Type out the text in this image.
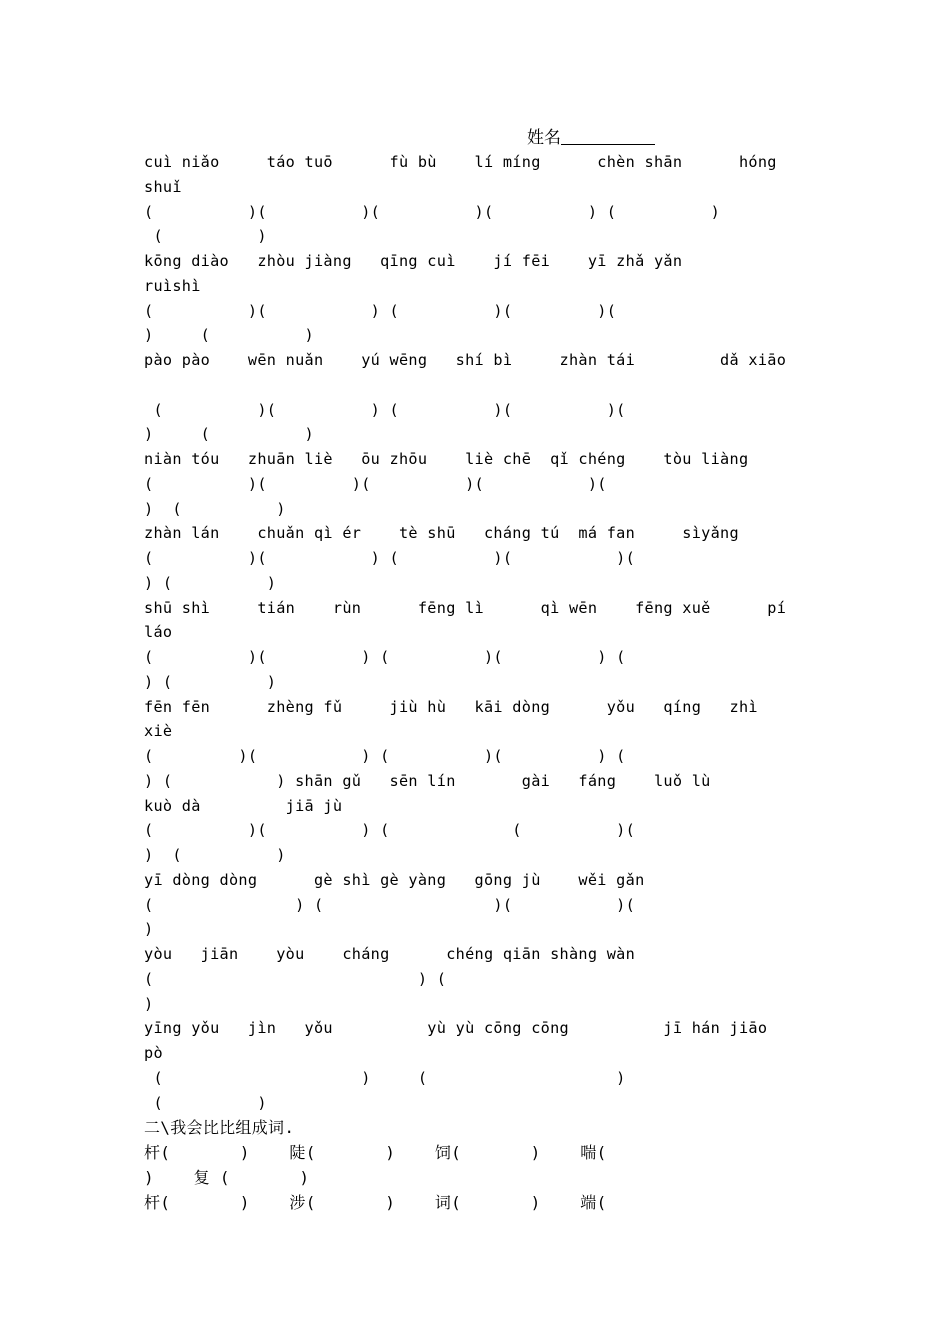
姓名
cuì niǎo     táo tuō      fù bù    lí míng      chèn shān      hóng
shuǐ
(          )(          )(          )(          ) (          )
(          )
kōng diào   zhòu jiàng   qīng cuì    jí fēi    yī zhǎ yǎn
ruìshì
(          )(           ) (          )(         )(
)     (          )
pào pào    wēn nuǎn    yú wēng   shí bì     zhàn tái         dǎ xiāo
(          )(          ) (          )(          )(
)     (          )
niàn tóu   zhuān liè   ōu zhōu    liè chē  qǐ chéng    tòu liàng
(          )(         )(          )(           )(
)  (          )
zhàn lán    chuǎn qì ér    tè shū   cháng tú  má fan     sìyǎng
(          )(           ) (          )(           )(
) (          )
shū shì     tián    rùn      fēng lì      qì wēn    fēng xuě      pí
láo
(          )(          ) (          )(          ) (
) (          )
fēn fēn      zhèng fǔ     jiù hù   kāi dòng      yǒu   qíng   zhì
xiè
(         )(           ) (          )(          ) (
) (           ) shān gǔ   sēn lín       gài   fáng    luǒ lù
kuò dà         jiā jù
(          )(          ) (             (          )(
)  (          )
yī dòng dòng      gè shì gè yàng   gōng jù    wěi gǎn
(               ) (                  )(           )(
)
yòu   jiān    yòu    cháng      chéng qiān shàng wàn
(                            ) (
)
yīng yǒu   jìn   yǒu          yù yù cōng cōng          jī hán jiāo
pò
(                     )     (                    )
(          )
二\我会比比组成词.
杆(       )    陡(       )    饲(       )    喘(
)    复 (       )
杆(       )    涉(       )    词(       )    端(
